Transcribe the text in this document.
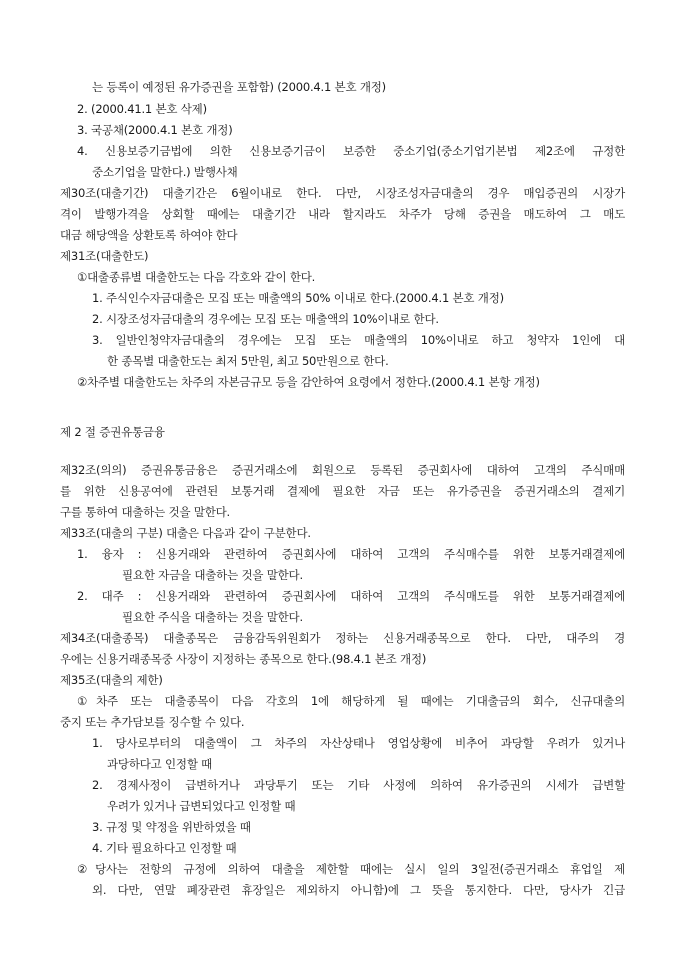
는 등록이 예정된 유가증권을 포함함) (2000.4.1 본호 개정)
2. (2000.41.1 본호 삭제)
3. 국공채(2000.4.1 본호 개정)
4. 신용보증기금법에 의한 신용보증기금이 보증한 중소기업(중소기업기본법 제2조에 규정한
중소기업을 말한다.) 발행사채
제30조(대출기간) 대출기간은 6월이내로 한다. 다만, 시장조성자금대출의 경우 매입증권의 시장가
격이 발행가격을 상회할 때에는 대출기간 내라 할지라도 차주가 당해 증권을 매도하여 그 매도
대금 해당액을 상환토록 하여야 한다
제31조(대출한도)
①대출종류별 대출한도는 다음 각호와 같이 한다.
1. 주식인수자금대출은 모집 또는 매출액의 50% 이내로 한다.(2000.4.1 본호 개정)
2. 시장조성자금대출의 경우에는 모집 또는 매출액의 10%이내로 한다.
3. 일반인청약자금대출의 경우에는 모집 또는 매출액의 10%이내로 하고 청약자 1인에 대
한 종목별 대출한도는 최저 5만원, 최고 50만원으로 한다.
②차주별 대출한도는 차주의 자본금규모 등을 감안하여 요령에서 정한다.(2000.4.1 본항 개정)
제 2 절 증권유통금융
제32조(의의) 증권유통금융은 증권거래소에 회원으로 등록된 증권회사에 대하여 고객의 주식매매
를 위한 신용공여에 관련된 보통거래 결제에 필요한 자금 또는 유가증권을 증권거래소의 결제기
구를 통하여 대출하는 것을 말한다.
제33조(대출의 구분) 대출은 다음과 같이 구분한다.
1. 융자 : 신용거래와 관련하여 증권회사에 대하여 고객의 주식매수를 위한 보통거래결제에
필요한 자금을 대출하는 것을 말한다.
2. 대주 : 신용거래와 관련하여 증권회사에 대하여 고객의 주식매도를 위한 보통거래결제에
필요한 주식을 대출하는 것을 말한다.
제34조(대출종목) 대출종목은 금융감독위원회가 정하는 신용거래종목으로 한다. 다만, 대주의 경
우에는 신용거래종목중 사장이 지정하는 종목으로 한다.(98.4.1 본조 개정)
제35조(대출의 제한)
①차주 또는 대출종목이 다음 각호의 1에 해당하게 될 때에는 기대출금의 회수, 신규대출의
중지 또는 추가담보를 징수할 수 있다.
1. 당사로부터의 대출액이 그 차주의 자산상태나 영업상황에 비추어 과당할 우려가 있거나
과당하다고 인정할 때
2. 경제사정이 급변하거나 과당투기 또는 기타 사정에 의하여 유가증권의 시세가 급변할
우려가 있거나 급변되었다고 인정할 때
3. 규정 및 약정을 위반하였을 때
4. 기타 필요하다고 인정할 때
②당사는 전항의 규정에 의하여 대출을 제한할 때에는 실시 일의 3일전(증권거래소 휴업일 제
외. 다만, 연말 폐장관련 휴장일은 제외하지 아니함)에 그 뜻을 통지한다. 다만, 당사가 긴급
